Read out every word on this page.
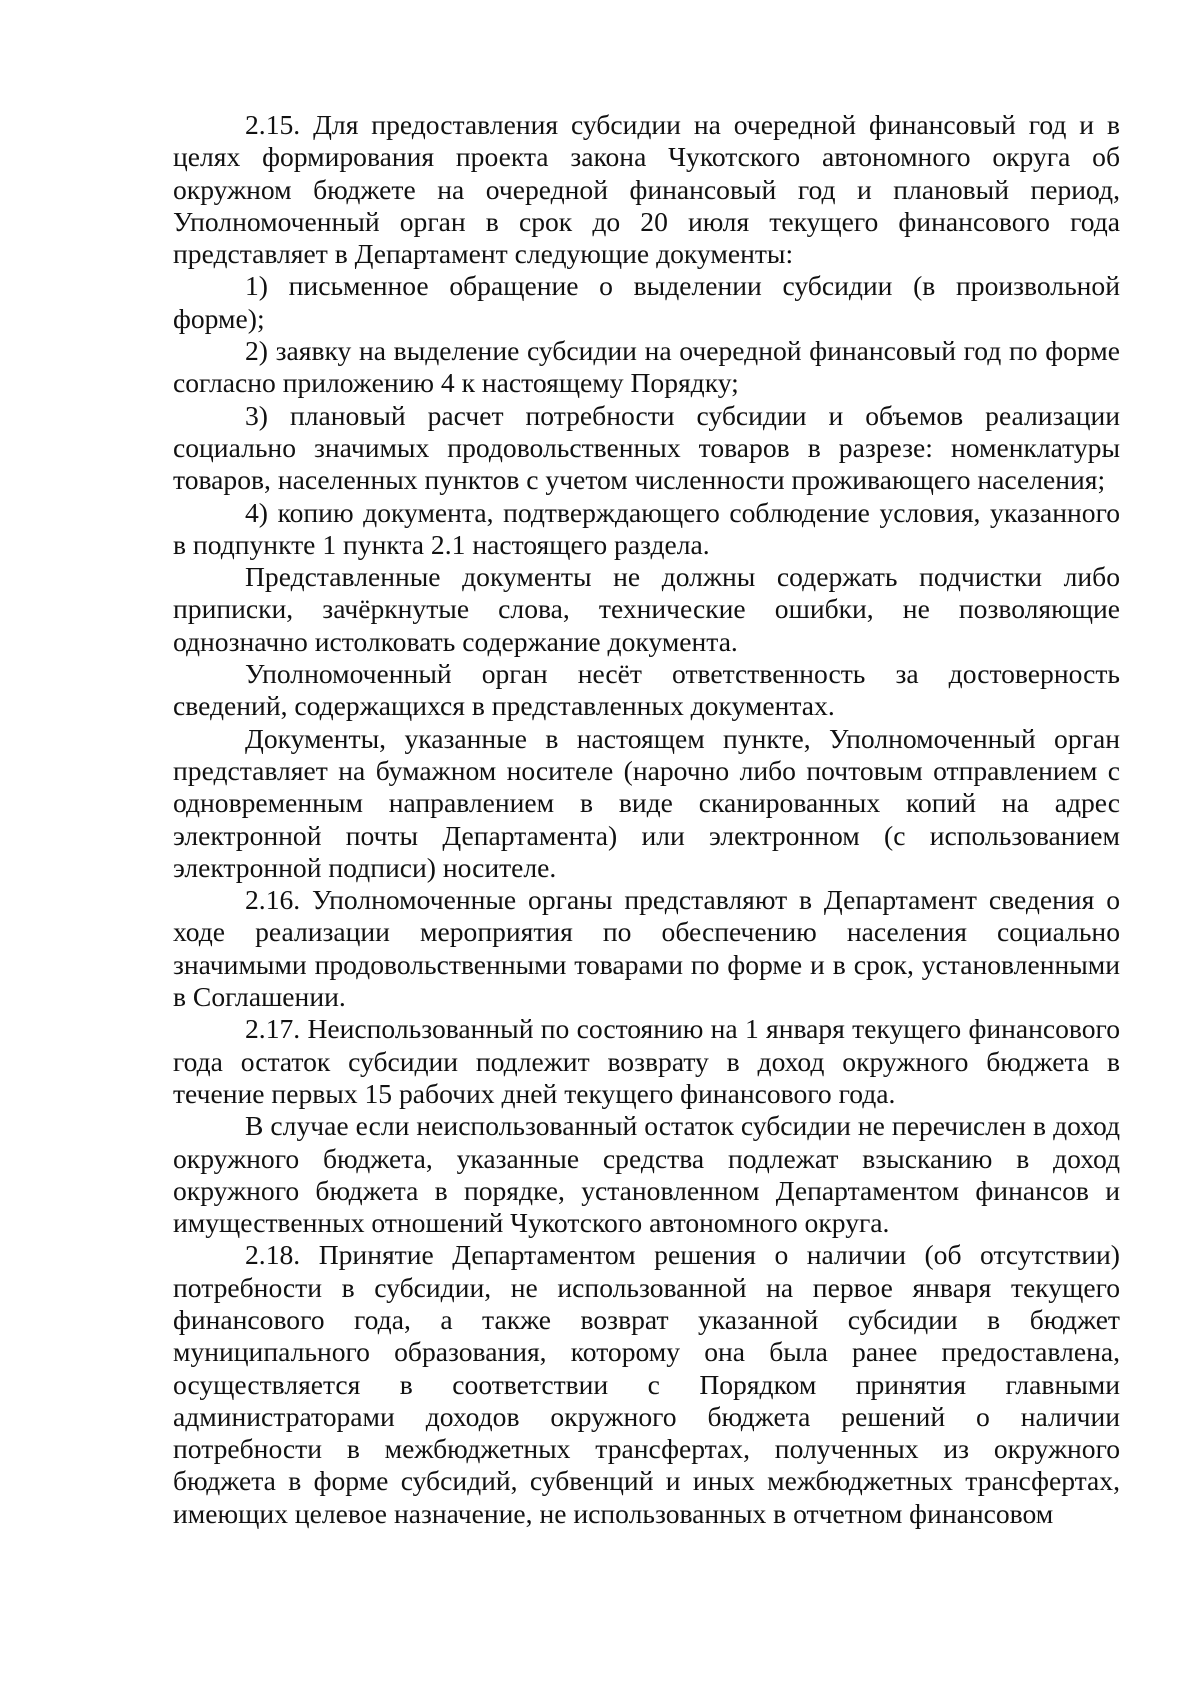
2.15. Для предоставления субсидии на очередной финансовый год и в целях формирования проекта закона Чукотского автономного округа об окружном бюджете на очередной финансовый год и плановый период, Уполномоченный орган в срок до 20 июля текущего финансового года представляет в Департамент следующие документы:

1) письменное обращение о выделении субсидии (в произвольной форме);

2) заявку на выделение субсидии на очередной финансовый год по форме согласно приложению 4 к настоящему Порядку;

3) плановый расчет потребности субсидии и объемов реализации социально значимых продовольственных товаров в разрезе: номенклатуры товаров, населенных пунктов с учетом численности проживающего населения;

4) копию документа, подтверждающего соблюдение условия, указанного в подпункте 1 пункта 2.1 настоящего раздела.

Представленные документы не должны содержать подчистки либо приписки, зачёркнутые слова, технические ошибки, не позволяющие однозначно истолковать содержание документа.

Уполномоченный орган несёт ответственность за достоверность сведений, содержащихся в представленных документах.

Документы, указанные в настоящем пункте, Уполномоченный орган представляет на бумажном носителе (нарочно либо почтовым отправлением с одновременным направлением в виде сканированных копий на адрес электронной почты Департамента) или электронном (с использованием электронной подписи) носителе.

2.16. Уполномоченные органы представляют в Департамент сведения о ходе реализации мероприятия по обеспечению населения социально значимыми продовольственными товарами по форме и в срок, установленными в Соглашении.

2.17. Неиспользованный по состоянию на 1 января текущего финансового года остаток субсидии подлежит возврату в доход окружного бюджета в течение первых 15 рабочих дней текущего финансового года.

В случае если неиспользованный остаток субсидии не перечислен в доход окружного бюджета, указанные средства подлежат взысканию в доход окружного бюджета в порядке, установленном Департаментом финансов и имущественных отношений Чукотского автономного округа.

2.18. Принятие Департаментом решения о наличии (об отсутствии) потребности в субсидии, не использованной на первое января текущего финансового года, а также возврат указанной субсидии в бюджет муниципального образования, которому она была ранее предоставлена, осуществляется в соответствии с Порядком принятия главными администраторами доходов окружного бюджета решений о наличии потребности в межбюджетных трансфертах, полученных из окружного бюджета в форме субсидий, субвенций и иных межбюджетных трансфертах, имеющих целевое назначение, не использованных в отчетном финансовом
